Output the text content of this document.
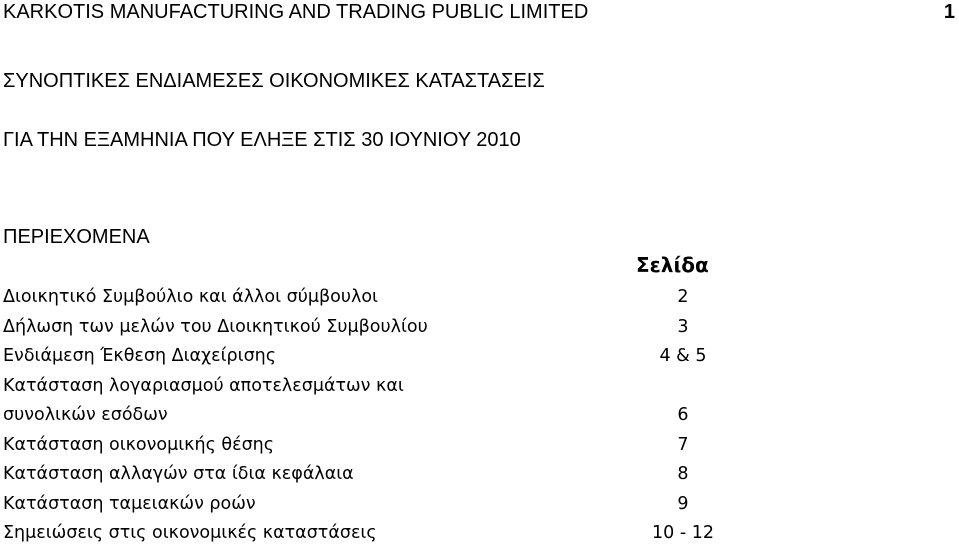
KARKOTIS MANUFACTURING AND TRADING PUBLIC LIMITED	1
ΣΥΝΟΠΤΙΚΕΣ ΕΝΔΙΑΜΕΣΕΣ ΟΙΚΟΝΟΜΙΚΕΣ ΚΑΤΑΣΤΑΣΕΙΣ
ΓΙΑ ΤΗΝ ΕΞΑΜΗΝΙΑ ΠΟΥ ΕΛΗΞΕ ΣΤΙΣ 30 ΙΟΥΝΙΟΥ 2010
ΠΕΡΙΕΧΟΜΕΝΑ
Σελίδα
Διοικητικό Συμβούλιο και άλλοι σύμβουλοι	2
Δήλωση των μελών του Διοικητικού Συμβουλίου	3
Ενδιάμεση Έκθεση Διαχείρισης	4 & 5
Κατάσταση λογαριασμού αποτελεσμάτων και
συνολικών εσόδων	6
Κατάσταση οικονομικής θέσης	7
Κατάσταση αλλαγών στα ίδια κεφάλαια	8
Κατάσταση ταμειακών ροών	9
Σημειώσεις στις οικονομικές καταστάσεις	10 - 12
